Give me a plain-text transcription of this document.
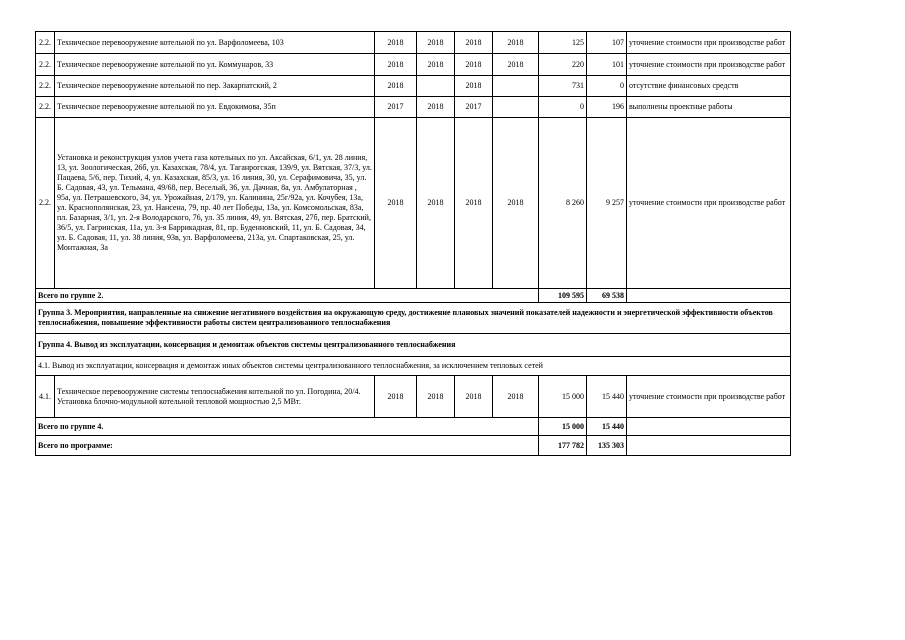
2.2.	Техническое перевооружение котельной по ул. Варфоломеева, 103	2018	2018	2018	2018	125	107	уточнение стоимости при производстве работ
2.2.	Техническое перевооружение котельной по ул. Коммунаров, 33	2018	2018	2018	2018	220	101	уточнение стоимости при производстве работ
2.2.	Техническое перевооружение котельной по пер. Закарпатский, 2	2018		2018		731	0	отсутствие финансовых средств
2.2.	Техническое перевооружение котельной по ул. Евдокимова, 35п	2017	2018	2017		0	196	выполнены проектные работы
2.2.	Установка и реконструкция узлов учета газа котельных по ул. Аксайская, 6/1, ул. 28 линия, 13, ул. Зоологическая, 26б, ул. Казахская, 78/4, ул. Таганрогская, 139/9, ул. Вятская, 37/3, ул. Пацаева, 5/6, пер. Тихий, 4, ул. Казахская, 85/3, ул. 16 линия, 30, ул. Серафимовича, 35, ул. Б. Садовая, 43, ул. Тельмана, 49/68, пер. Веселый, 36, ул. Дачная, 8а, ул. Амбулаторная , 95а, ул. Петрашевского, 34, ул. Урожайная, 2/179, ул. Калинина, 25г/92а, ул. Кочубея, 13а, ул. Краснополянская, 23, ул. Нансена, 79, пр. 40 лет Победы, 13а, ул. Комсомольская, 83а, пл. Базарная, 3/1, ул. 2-я Володарского, 76, ул. 35 линия, 49, ул. Вятская, 27б, пер. Братский, 36/5, ул. Гагринская, 11а, ул. 3-я Баррикадная, 81, пр. Буденновский, 11, ул. Б. Садовая, 34, ул. Б. Садовая, 11, ул. 38 линия, 93в, ул. Варфоломеева, 213а, ул. Спартаковская, 25, ул. Монтажная, 3а	2018	2018	2018	2018	8 260	9 257	уточнение стоимости при производстве работ
Всего по группе 2.						109 595	69 538	
Группа 3. Мероприятия, направленные на снижение негативного воздействия на окружающую среду, достижение плановых значений показателей надежности и энергетической эффективности объектов теплоснабжения, повышение эффективности работы систем централизованного теплоснабжения								
Группа 4. Вывод из эксплуатации, консервация и демонтаж объектов системы централизованного теплоснабжения								
4.1. Вывод из эксплуатации, консервация и демонтаж иных объектов системы централизованного теплоснабжения, за исключением тепловых сетей								
4.1.	Техническое перевооружение системы теплоснабжения котельной по ул. Погодина, 20/4. Установка блочно-модульной котельной тепловой мощностью 2,5 МВт.	2018	2018	2018	2018	15 000	15 440	уточнение стоимости при производстве работ
Всего по группе 4.						15 000	15 440	
Всего по программе:						177 782	135 303	
